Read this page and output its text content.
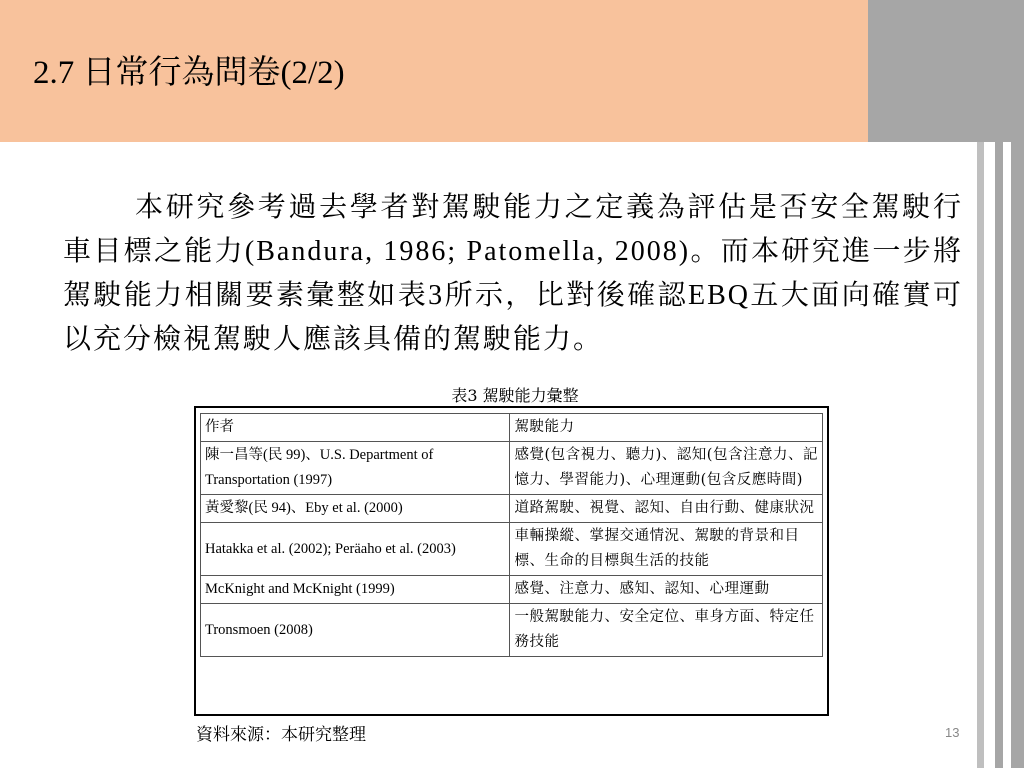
2.7 日常行為問卷(2/2)

本研究參考過去學者對駕駛能力之定義為評估是否安全駕駛行車目標之能力(Bandura, 1986; Patomella, 2008)。而本研究進一步將駕駛能力相關要素彙整如表3所示，比對後確認EBQ五大面向確實可以充分檢視駕駛人應該具備的駕駛能力。

表3 駕駛能力彙整
作者	駕駛能力
陳一昌等(民 99)、U.S. Department of Transportation (1997)	感覺(包含視力、聽力)、認知(包含注意力、記憶力、學習能力)、心理運動(包含反應時間)
黃愛黎(民 94)、Eby et al. (2000)	道路駕駛、視覺、認知、自由行動、健康狀況
Hatakka et al. (2002); Peräaho et al. (2003)	車輛操縱、掌握交通情況、駕駛的背景和目標、生命的目標與生活的技能
McKnight and McKnight (1999)	感覺、注意力、感知、認知、心理運動
Tronsmoen (2008)	一般駕駛能力、安全定位、車身方面、特定任務技能
資料來源：本研究整理	13
